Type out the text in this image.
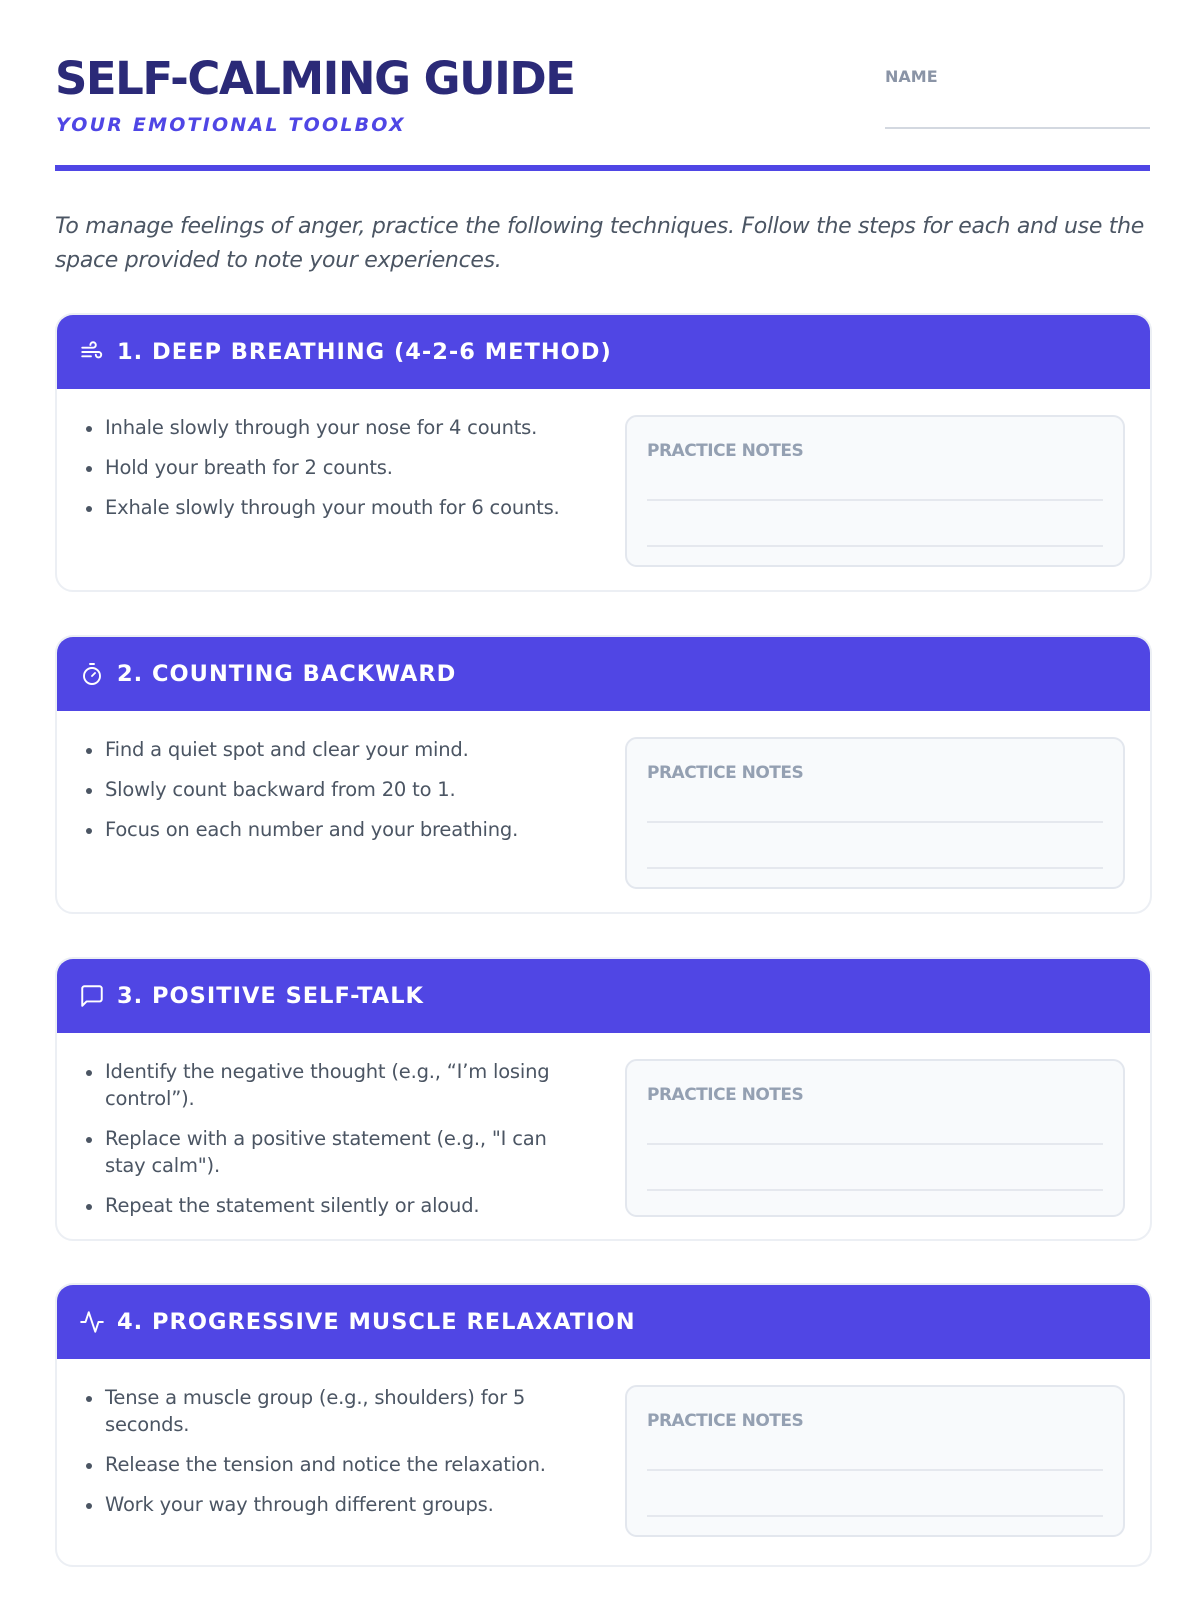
SELF-CALMING GUIDE
YOUR EMOTIONAL TOOLBOX
NAME

To manage feelings of anger, practice the following techniques. Follow the steps for each and use the space provided to note your experiences.

1. DEEP BREATHING (4-2-6 METHOD)
Inhale slowly through your nose for 4 counts.
Hold your breath for 2 counts.
Exhale slowly through your mouth for 6 counts.
PRACTICE NOTES
2. COUNTING BACKWARD
Find a quiet spot and clear your mind.
Slowly count backward from 20 to 1.
Focus on each number and your breathing.
PRACTICE NOTES
3. POSITIVE SELF-TALK
Identify the negative thought (e.g., “I’m losing control”).
Replace with a positive statement (e.g., "I can stay calm").
Repeat the statement silently or aloud.
PRACTICE NOTES
4. PROGRESSIVE MUSCLE RELAXATION
Tense a muscle group (e.g., shoulders) for 5 seconds.
Release the tension and notice the relaxation.
Work your way through different groups.
PRACTICE NOTES
